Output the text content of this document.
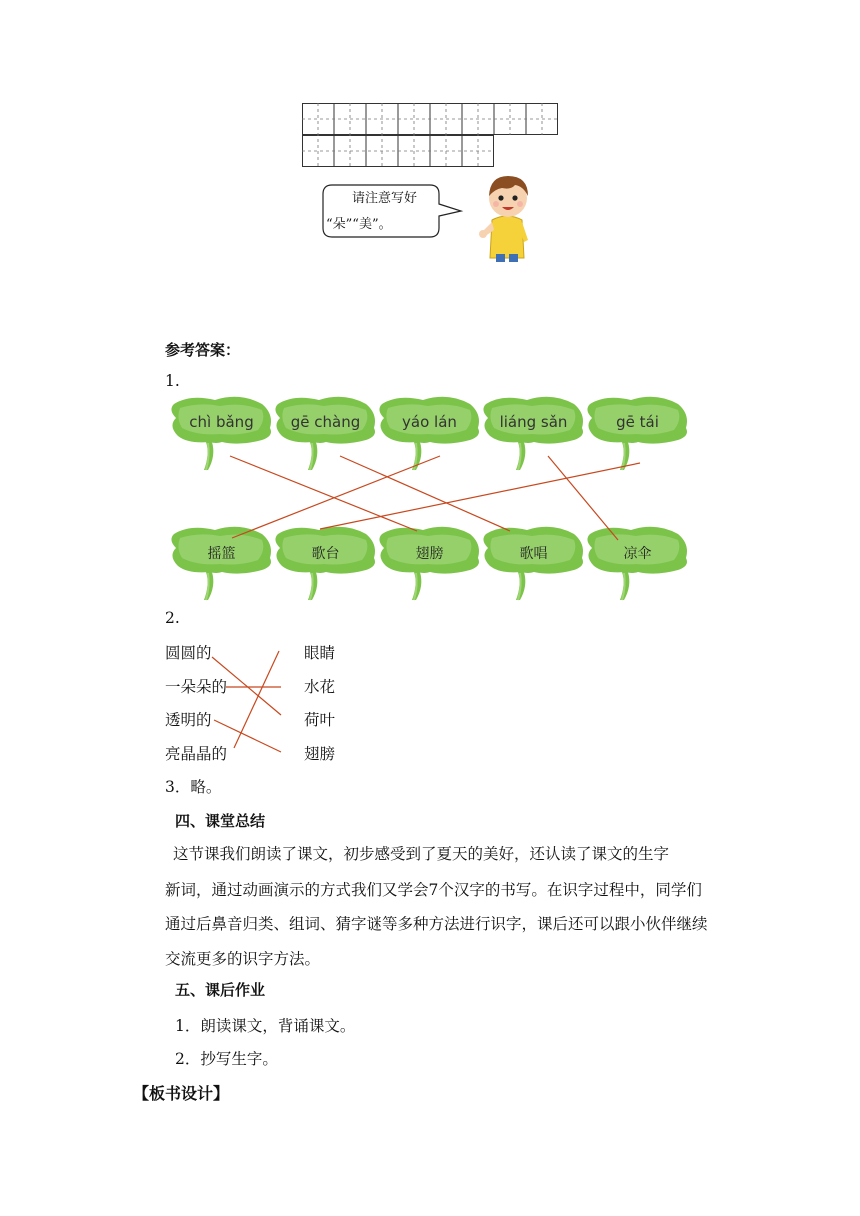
请注意写好
“朵”“美”。
参考答案：
1.
chì bǎng	gē chàng	yáo lán	liáng sǎn	gē tái
摇篮	歌台	翅膀	歌唱	凉伞
2.
圆圆的
一朵朵的
透明的
亮晶晶的
眼睛
水花
荷叶
翅膀
3．略。
四、课堂总结
这节课我们朗读了课文，初步感受到了夏天的美好，还认读了课文的生字
新词，通过动画演示的方式我们又学会7个汉字的书写。在识字过程中，同学们
通过后鼻音归类、组词、猜字谜等多种方法进行识字，课后还可以跟小伙伴继续
交流更多的识字方法。
五、课后作业
1．朗读课文，背诵课文。
2．抄写生字。
【板书设计】
